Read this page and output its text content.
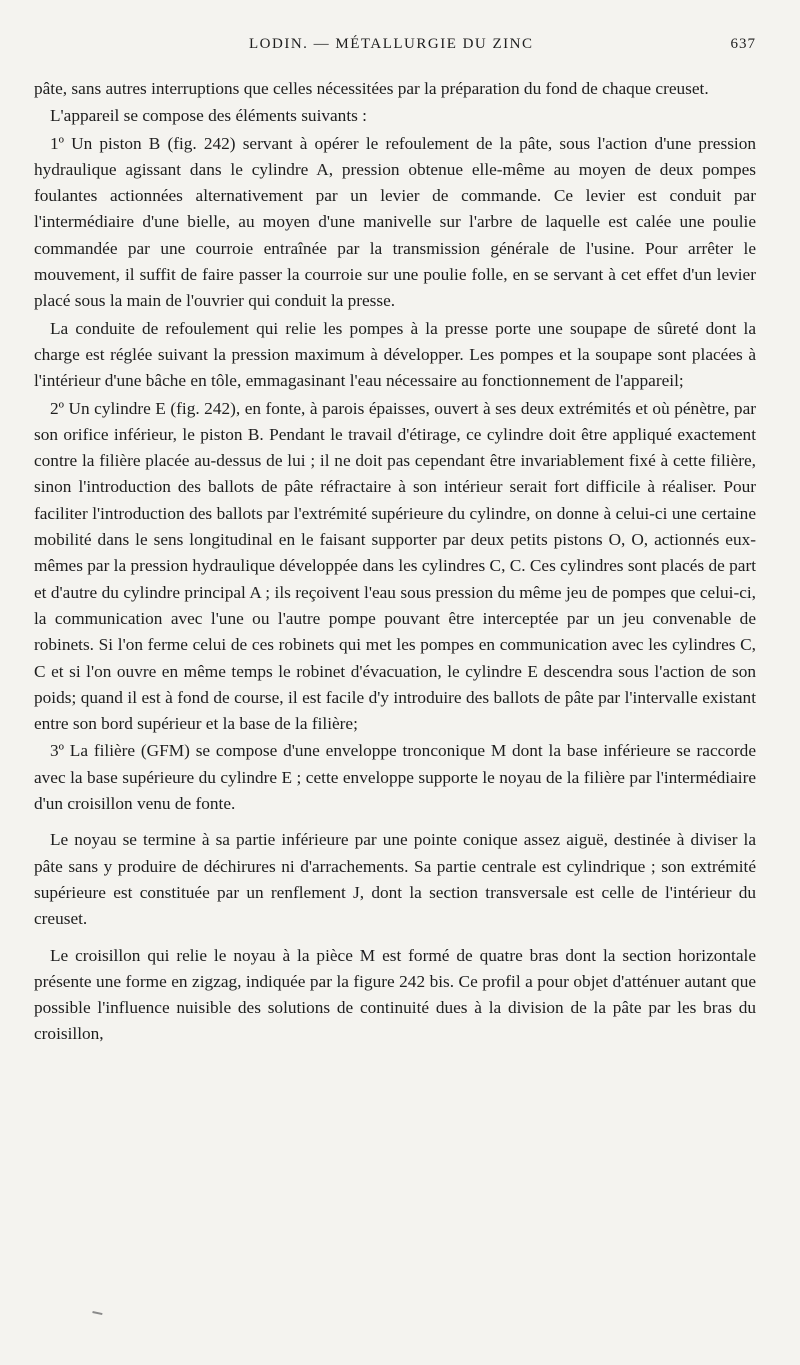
LODIN. — MÉTALLURGIE DU ZINC	637

pâte, sans autres interruptions que celles nécessitées par la préparation du fond de chaque creuset.

L'appareil se compose des éléments suivants :

1º Un piston B (fig. 242) servant à opérer le refoulement de la pâte, sous l'action d'une pression hydraulique agissant dans le cylindre A, pression obtenue elle-même au moyen de deux pompes foulantes actionnées alternativement par un levier de commande. Ce levier est conduit par l'intermédiaire d'une bielle, au moyen d'une manivelle sur l'arbre de laquelle est calée une poulie commandée par une courroie entraînée par la transmission générale de l'usine. Pour arrêter le mouvement, il suffit de faire passer la courroie sur une poulie folle, en se servant à cet effet d'un levier placé sous la main de l'ouvrier qui conduit la presse.

La conduite de refoulement qui relie les pompes à la presse porte une soupape de sûreté dont la charge est réglée suivant la pression maximum à développer. Les pompes et la soupape sont placées à l'intérieur d'une bâche en tôle, emmagasinant l'eau nécessaire au fonctionnement de l'appareil;

2º Un cylindre E (fig. 242), en fonte, à parois épaisses, ouvert à ses deux extrémités et où pénètre, par son orifice inférieur, le piston B. Pendant le travail d'étirage, ce cylindre doit être appliqué exactement contre la filière placée au-dessus de lui ; il ne doit pas cependant être invariablement fixé à cette filière, sinon l'introduction des ballots de pâte réfractaire à son intérieur serait fort difficile à réaliser. Pour faciliter l'introduction des ballots par l'extrémité supérieure du cylindre, on donne à celui-ci une certaine mobilité dans le sens longitudinal en le faisant supporter par deux petits pistons O, O, actionnés eux-mêmes par la pression hydraulique développée dans les cylindres C, C. Ces cylindres sont placés de part et d'autre du cylindre principal A ; ils reçoivent l'eau sous pression du même jeu de pompes que celui-ci, la communication avec l'une ou l'autre pompe pouvant être interceptée par un jeu convenable de robinets. Si l'on ferme celui de ces robinets qui met les pompes en communication avec les cylindres C, C et si l'on ouvre en même temps le robinet d'évacuation, le cylindre E descendra sous l'action de son poids; quand il est à fond de course, il est facile d'y introduire des ballots de pâte par l'intervalle existant entre son bord supérieur et la base de la filière;

3º La filière (GFM) se compose d'une enveloppe tronconique M dont la base inférieure se raccorde avec la base supérieure du cylindre E ; cette enveloppe supporte le noyau de la filière par l'intermédiaire d'un croisillon venu de fonte.

Le noyau se termine à sa partie inférieure par une pointe conique assez aiguë, destinée à diviser la pâte sans y produire de déchirures ni d'arrachements. Sa partie centrale est cylindrique ; son extrémité supérieure est constituée par un renflement J, dont la section transversale est celle de l'intérieur du creuset.

Le croisillon qui relie le noyau à la pièce M est formé de quatre bras dont la section horizontale présente une forme en zigzag, indiquée par la figure 242 bis. Ce profil a pour objet d'atténuer autant que possible l'influence nuisible des solutions de continuité dues à la division de la pâte par les bras du croisillon,
